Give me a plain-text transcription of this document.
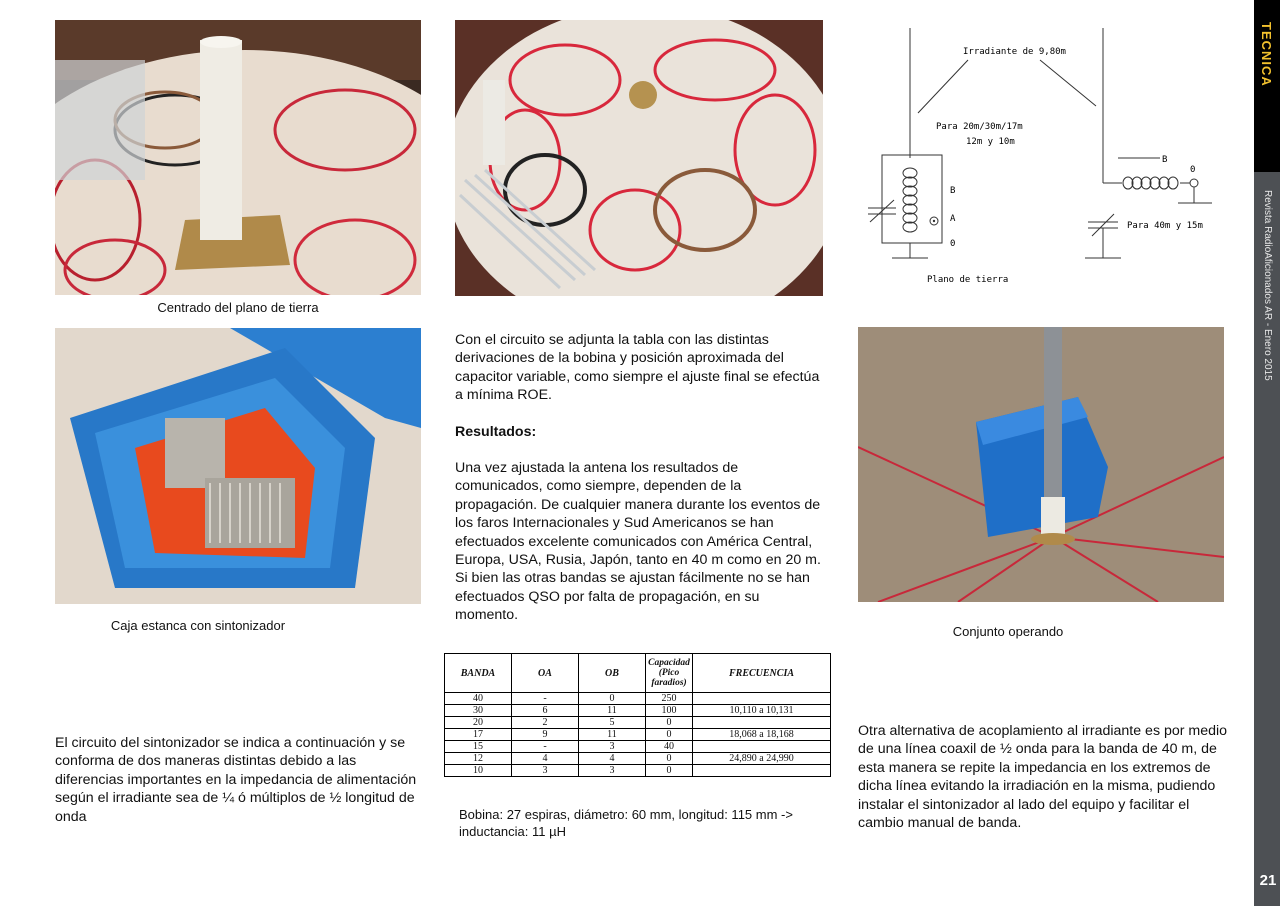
TECNICA
Revista RadioAficionados AR - Enero 2015
21
Centrado del plano de tierra
Irradiante de 9,80m
Para 20m/30m/17m
12m y 10m
B
A
0
Plano de tierra
B
0
Para 40m y 15m
Caja estanca con sintonizador

Con el circuito se adjunta la tabla con las distintas derivaciones de la bobina y posición aproximada del capacitor variable, como siempre el ajuste final se efectúa a mínima ROE.

Resultados:

Una vez ajustada la antena los resultados de comunicados, como siempre, dependen de la propagación. De cualquier manera durante los eventos de los faros Internacionales y Sud Americanos se han efectuados excelente comunicados con América Central, Europa, USA, Rusia, Japón, tanto en 40 m como en 20 m. Si bien las otras bandas se ajustan fácilmente no se han efectuados QSO por falta de propagación, en su momento.

Conjunto operando
El circuito del sintonizador se indica a continuación y se conforma de dos maneras distintas debido a las diferencias importantes en la impedancia de alimentación según el irradiante sea de ¼ ó múltiplos de ½ longitud de onda
BANDA	OA	OB	Capacidad (Pico faradios)	FRECUENCIA
40	-	0	250	
30	6	11	100	10,110 a 10,131
20	2	5	0	
17	9	11	0	18,068 a 18,168
15	-	3	40	
12	4	4	0	24,890 a 24,990
10	3	3	0	
Bobina: 27 espiras, diámetro: 60 mm, longitud: 115 mm -> inductancia: 11 µH
Otra alternativa de acoplamiento al irradiante es por medio de una línea coaxil de ½ onda para la banda de 40 m, de esta manera se repite la impedancia en los extremos de dicha línea evitando la irradiación en la misma, pudiendo instalar el sintonizador al lado del equipo y facilitar el cambio manual de banda.
